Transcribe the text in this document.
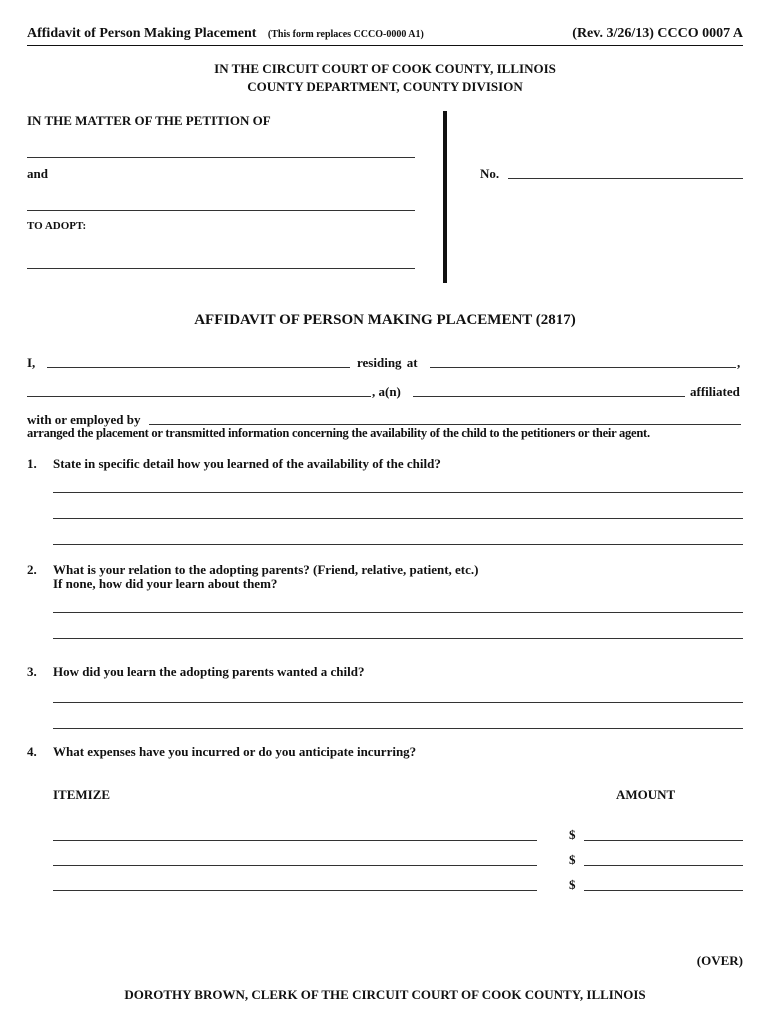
Affidavit of Person Making Placement (This form replaces CCCO-0000 A1)	(Rev. 3/26/13) CCCO 0007 A
IN THE CIRCUIT COURT OF COOK COUNTY, ILLINOIS
COUNTY DEPARTMENT, COUNTY DIVISION
IN THE MATTER OF THE PETITION OF
and
TO ADOPT:
No.
AFFIDAVIT OF PERSON MAKING PLACEMENT (2817)
I,	residing at	,
, a(n)	affiliated
with or employed by
arranged the placement or transmitted information concerning the availability of the child to the petitioners or their agent.
1. State in specific detail how you learned of the availability of the child?
2. What is your relation to the adopting parents? (Friend, relative, patient, etc.)
If none, how did your learn about them?
3. How did you learn the adopting parents wanted a child?
4. What expenses have you incurred or do you anticipate incurring?
ITEMIZE	AMOUNT
$
$
$
(OVER)
DOROTHY BROWN, CLERK OF THE CIRCUIT COURT OF COOK COUNTY, ILLINOIS
